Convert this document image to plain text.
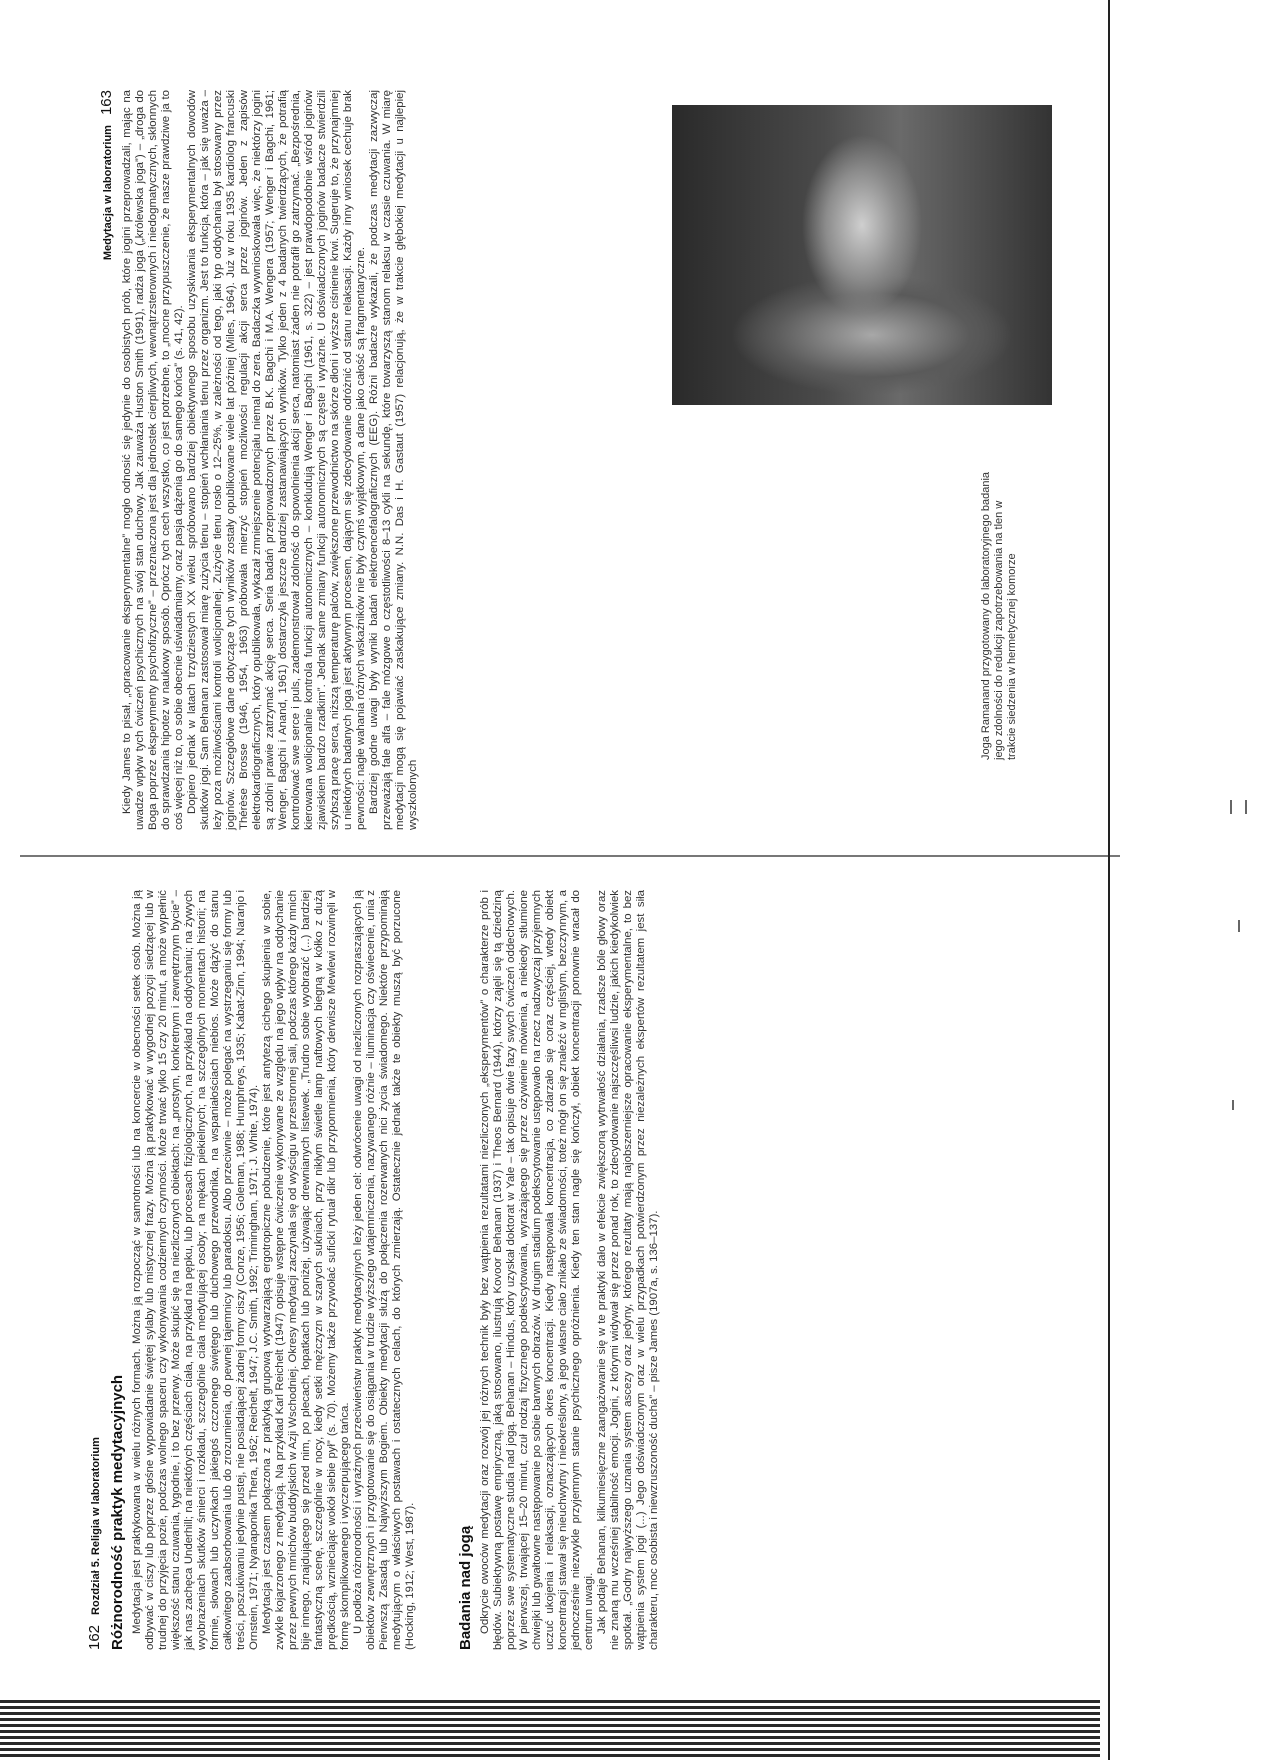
162
Rozdział 5. Religia w laboratorium Różnorodność praktyk medytacyjnych Medytacja jest praktykowana w wielu różnych formach. Można ją rozpocząć w samotności lub na koncercie w obecności setek osób. Można ją odbywać w ciszy lub poprzez głośne wypowiadanie świętej sylaby lub mistycznej frazy. Można ją praktykować w wygodnej pozycji siedzącej lub w trudnej do przyjęcia pozie, podczas wolnego spaceru czy wykonywania codziennych czynności. Może trwać tylko 15 czy 20 minut, a może wypełnić większość stanu czuwania, tygodnie, i to bez przerwy. Może skupić się na niezliczonych obiektach: na „prostym, konkretnym i zewnętrznym bycie” – jak nas zachęca Underhill; na niektórych częściach ciała, na przykład na pępku, lub procesach fizjologicznych, na przykład na oddychaniu; na żywych wyobrażeniach skutków śmierci i rozkładu, szczególnie ciała medytującej osoby; na mękach piekielnych; na szczególnych momentach historii; na formie, słowach lub uczynkach jakiegoś czczonego świętego lub duchowego przewodnika, na wspaniałościach niebios. Może dążyć do stanu całkowitego zaabsorbowania lub do zrozumienia, do pewnej tajemnicy lub paradoksu. Albo przeciwnie – może polegać na wystrzeganiu się formy lub treści, poszukiwaniu jedynie pustej, nie posiadającej żadnej formy ciszy (Conze, 1956; Goleman, 1988; Humphreys, 1935; Kabat-Zinn, 1994; Naranjo i Ornstein, 1971; Nyanaponika Thera, 1962; Reichelt, 1947; J.C. Smith, 1992; Trimingham, 1971; J. White, 1974). Medytacja jest czasem połączona z praktyką grupową wytwarzającą ergotropiczne pobudzenie, które jest antytezą cichego skupienia w sobie, zwykle kojarzonego z medytacją. Na przykład Karl Reichelt (1947) opisuje wstępne ćwiczenie wykonywane ze względu na jego wpływ na oddychanie przez pewnych mnichów buddyjskich w Azji Wschodniej. Okresy medytacji zaczynała się od wyścigu w przestronnej sali, podczas którego każdy mnich bije innego, znajdującego się przed nim, po plecach, łopatkach lub poniżej, używając drewnianych listewek. „Trudno sobie wyobrazić (...) bardziej fantastyczną scenę, szczególnie w nocy, kiedy setki mężczyzn w szarych sukniach, przy nikłym świetle lamp naftowych biegną w kółko z dużą prędkością, wznieciając wokół siebie pył” (s. 70). Możemy także przywołać sufickí rytuał dikr lub przypomnienia, który derwisze Mewlewi rozwinęli w formę skomplikowanego i wyczerpującego tańca. U podłoża różnorodności i wyraźnych przeciwieństw praktyk medytacyjnych leży jeden cel: odwrócenie uwagi od niezliczonych rozpraszających ją obiektów zewnętrznych i przygotowanie się do osiągania w trudzie wyższego wtajemniczenia, nazywanego różnie – iluminacja czy oświecenie, unia z Pierwszą Zasadą lub Najwyższym Bogiem. Obiekty medytacji służą do połączenia rozerwanych nici życia świadomego. Niektóre przypominają medytującym o właściwych postawach i ostatecznych celach, do których zmierzają. Ostatecznie jednak także te obiekty muszą być porzucone (Hocking, 1912; West, 1987).	Badania nad jogą Odkrycie owoców medytacji oraz rozwój jej różnych technik były bez wątpienia rezultatami niezliczonych „eksperymentów” o charakterze prób i błędów. Subiektywną postawę empiryczną, jaką stosowano, ilustrują Kovoor Behanan (1937) i Theos Bernard (1944), którzy zajęli się tą dziedziną poprzez swe systematyczne studia nad jogą. Behanan – Hindus, który uzyskał doktorat w Yale – tak opisuje dwie fazy swych ćwiczeń oddechowych. W pierwszej, trwającej 15–20 minut, czuł rodzaj fizycznego podekscytowania, wyrażającego się przez ożywienie mówienia, a niekiedy stłumione chwiejki lub gwałtowne następowanie po sobie barwnych obrazów. W drugim stadium podekscytowanie ustępowało na rzecz nadzwyczaj przyjemnych uczuć ukojenia i relaksacji, oznaczających okres koncentracji. Kiedy następowała koncentracja, co zdarzało się coraz częściej, wtedy obiekt koncentracji stawał się nieuchwytny i nieokreślony, a jego własne ciało znikało ze świadomości, toteż mógł on się znaleźć w mglistym, bezczynnym, a jednocześnie niezwykle przyjemnym stanie psychicznego opróżnienia. Kiedy ten stan nagle się kończył, obiekt koncentracji ponownie wracał do centrum uwagi. Jak podaje Behanan, kilkumiesięczne zaangażowanie się w te praktyki dało w efekcie zwiększoną wytrwałość działania, rzadsze bóle głowy oraz nie znaną mu wcześniej stabilność emocji. Jogini, z którymi widywał się przez ponad rok, to zdecydowanie najszczęśliwsi ludzie, jakich kiedykolwiek spotkał. „Godny najwyższego uznania system ascezy oraz jedyny, którego rezultaty mają najobszerniejsze opracowanie eksperymentalne, to bez wątpienia system jogi (...) Jego doświadczonym oraz w wielu przypadkach potwierdzonym przez niezależnych ekspertów rezultatem jest siła charakteru, moc osobista i niewzruszoność ducha” – pisze James (1907a, s. 136–137).

Medytacja w laboratorium
163 Kiedy James to pisał, „opracowanie eksperymentalne” mogło odnosić się jedynie do osobistych prób, które jogini przeprowadzali, mając na uwadze wpływ tych ćwiczeń psychicznych na swój stan duchowy. Jak zauważa Huston Smith (1991), radża joga („królewska joga”) – „droga do Boga poprzez eksperymenty psychofizyczne” – przeznaczona jest dla jednostek cierpliwych, wewnątrzsterownych i niedogmatycznych, skłonnych do sprawdzania hipotez w naukowy sposób. Oprócz tych cech wszystko, co jest potrzebne, to „mocne przypuszczenie, że nasze prawdziwe ja to coś więcej niż to, co sobie obecnie uświadamiamy, oraz pasja dążenia go do samego końca” (s. 41, 42). Dopiero jednak w latach trzydziestych XX wieku spróbowano bardziej obiektywnego sposobu uzyskiwania eksperymentalnych dowodów skutków jogi. Sam Behanan zastosował miarę zużycia tlenu – stopień wchłaniania tlenu przez organizm. Jest to funkcja, która – jak się uważa – leży poza możliwościami kontroli wolicjonalnej. Zużycie tlenu rosło o 12–25%, w zależności od tego, jaki typ oddychania był stosowany przez joginów. Szczegółowe dane dotyczące tych wyników zostały opublikowane wiele lat później (Miles, 1964). Już w roku 1935 kardiolog francuski Thérèse Brosse (1946, 1954, 1963) próbowała mierzyć stopień możliwości regulacji akcji serca przez joginów. Jeden z zapisów elektrokardiograficznych, który opublikowała, wykazał zmniejszenie potencjału niemal do zera. Badaczka wywnioskowała więc, że niektórzy jogini są zdolni prawie zatrzymać akcję serca. Seria badań przeprowadzonych przez B.K. Bagchi i M.A. Wengera (1957; Wenger i Bagchi, 1961; Wenger, Bagchi i Anand, 1961) dostarczyła jeszcze bardziej zastanawiających wyników. Tylko jeden z 4 badanych twierdzących, że potrafią kontrolować swe serce i puls, zademonstrował zdolność do spowolnienia akcji serca, natomiast żaden nie potrafił go zatrzymać. „Bezpośrednia, kierowana wolicjonalnie kontrola funkcji autonomicznych – konkludują Wenger i Bagchi (1961, s. 322) – jest prawdopodobnie wśród joginów zjawiskiem bardzo rzadkim”. Jednak same zmiany funkcji autonomicznych są częste i wyraźne. U doświadczonych joginów badacze stwierdzili szybszą pracę serca, niższą temperaturę palców, zwiększone przewodnictwo na skórze dłoni i wyższe ciśnienie krwi. Sugeruje to, że przynajmniej u niektórych badanych joga jest aktywnym procesem, dającym się zdecydowanie odróżnić od stanu relaksacji. Każdy inny wniosek cechuje brak pewności: nagłe wahania różnych wskaźników nie były czymś wyjątkowym, a dane jako całość są fragmentaryczne. Bardziej godne uwagi były wyniki badań elektroencefalograficznych (EEG). Różni badacze wykazali, że podczas medytacji zazwyczaj przeważają fale alfa – fale mózgowe o częstotliwości 8–13 cykli na sekundę, które towarzyszą stanom relaksu w czasie czuwania. W miarę medytacji mogą się pojawiać zaskakujące zmiany. N.N. Das i H. Gastaut (1957) relacjonują, że w trakcie głębokiej medytacji u najlepiej wyszkolonych

Joga Ramanand przygotowany do laboratoryjnego badania jego zdolności do redukcji zapotrzebowania na tlen w trakcie siedzenia w hermetycznej komorze
